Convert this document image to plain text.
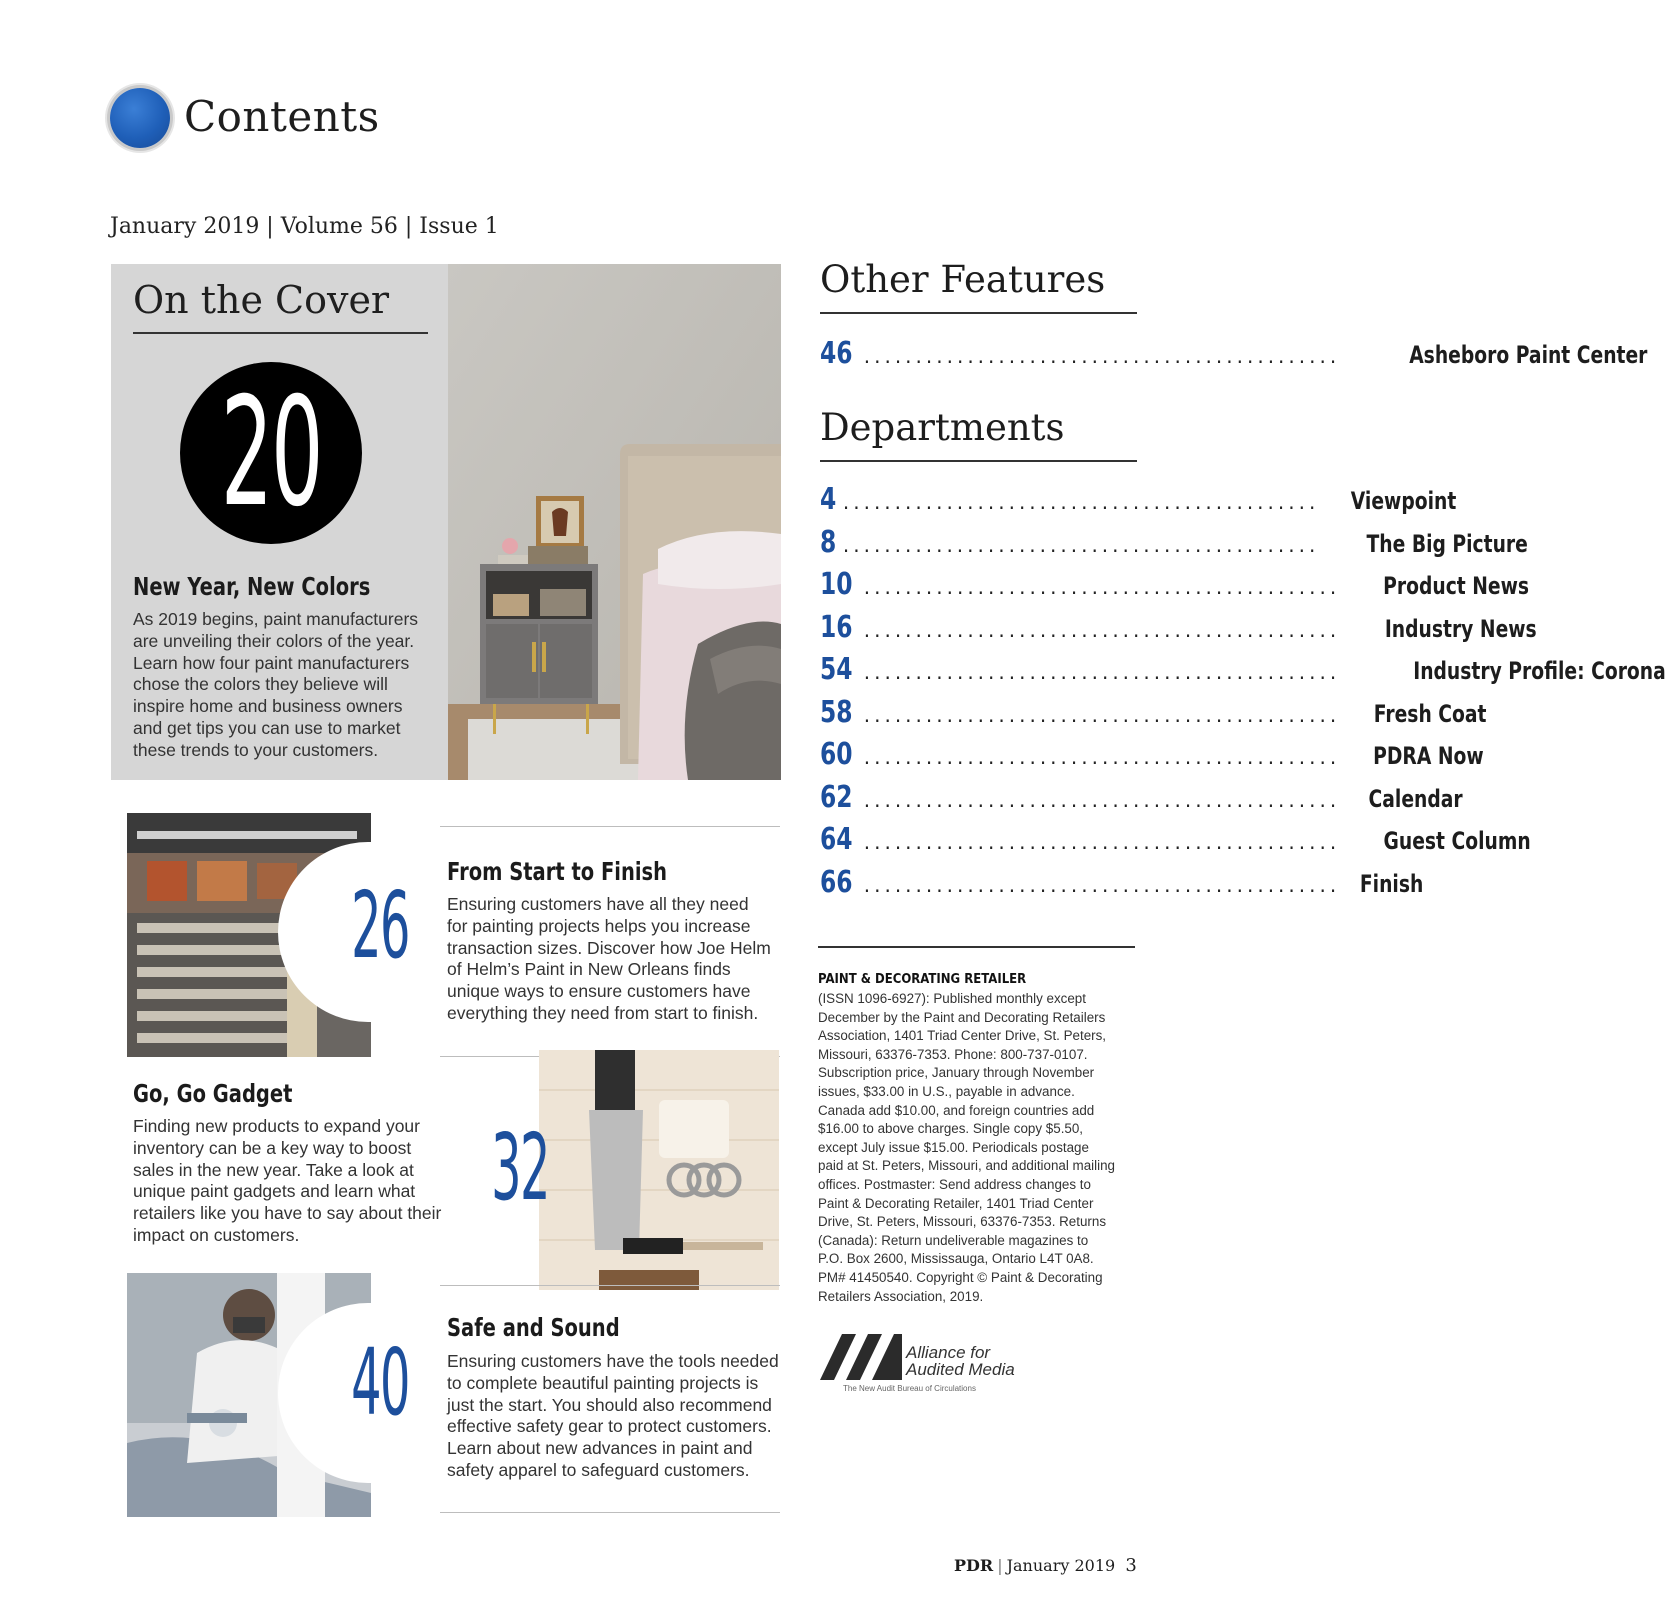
Contents
January 2019 | Volume 56 | Issue 1
On the Cover
20
New Year, New Colors
As 2019 begins, paint manufacturers
are unveiling their colors of the year.
Learn how four paint manufacturers
chose the colors they believe will
inspire home and business owners
and get tips you can use to market
these trends to your customers.
26
From Start to Finish
Ensuring customers have all they need
for painting projects helps you increase
transaction sizes. Discover how Joe Helm
of Helm’s Paint in New Orleans finds
unique ways to ensure customers have
everything they need from start to finish.
32
Go, Go Gadget
Finding new products to expand your
inventory can be a key way to boost
sales in the new year. Take a look at
unique paint gadgets and learn what
retailers like you have to say about their
impact on customers.
40
Safe and Sound
Ensuring customers have the tools needed
to complete beautiful painting projects is
just the start. You should also recommend
effective safety gear to protect customers.
Learn about new advances in paint and
safety apparel to safeguard customers.
Other Features
46 ..............................................	Asheboro Paint Center
Departments
4 .............................................. Viewpoint
8 .............................................. The Big Picture
10 .............................................. Product News
16 .............................................. Industry News
54 ..............................................	Industry Profile: Corona
58 .............................................. Fresh Coat
60 .............................................. PDRA Now
62 .............................................. Calendar
64 .............................................. Guest Column
66 .............................................. Finish
PAINT & DECORATING RETAILER
(ISSN 1096-6927): Published monthly except
December by the Paint and Decorating Retailers
Association, 1401 Triad Center Drive, St. Peters,
Missouri, 63376-7353. Phone: 800-737-0107.
Subscription price, January through November
issues, $33.00 in U.S., payable in advance.
Canada add $10.00, and foreign countries add
$16.00 to above charges. Single copy $5.50,
except July issue $15.00. Periodicals postage
paid at St. Peters, Missouri, and additional mailing
offices. Postmaster: Send address changes to
Paint & Decorating Retailer, 1401 Triad Center
Drive, St. Peters, Missouri, 63376-7353. Returns
(Canada): Return undeliverable magazines to
P.O. Box 2600, Mississauga, Ontario L4T 0A8.
PM# 41450540. Copyright © Paint & Decorating
Retailers Association, 2019.
Alliance for
Audited Media
The New Audit Bureau of Circulations
PDR | January 2019 3
